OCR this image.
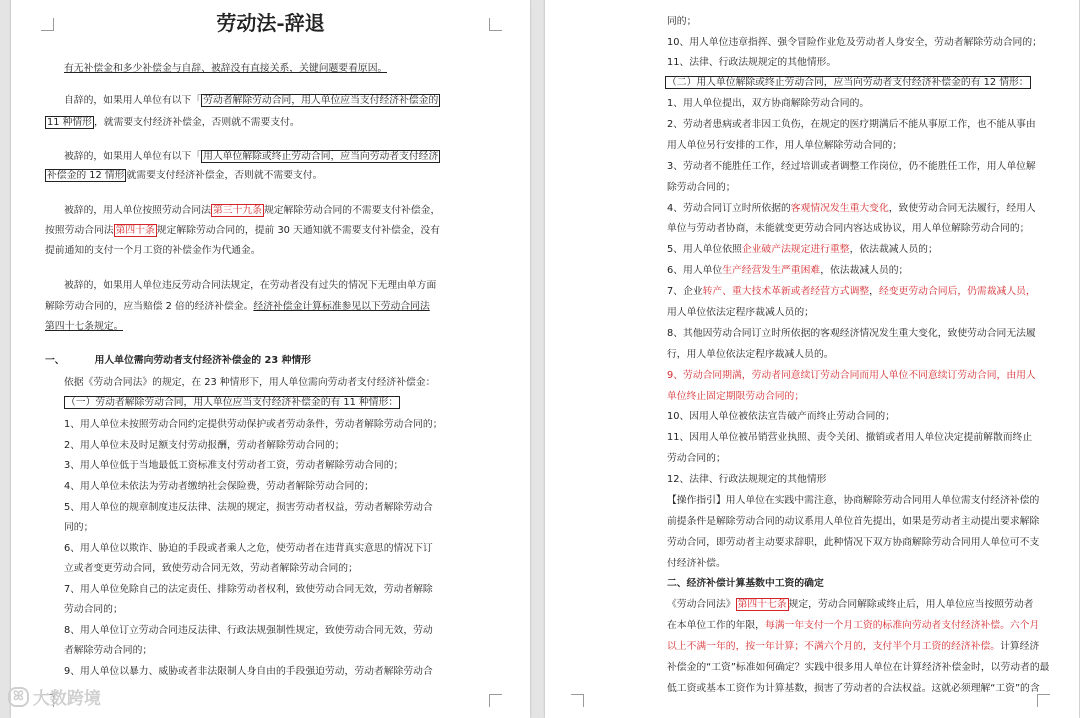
劳动法-辞退
有无补偿金和多少补偿金与自辞、被辞没有直接关系，关键问题要看原因。
自辞的，如果用人单位有以下「 劳动者解除劳动合同，用人单位应当支付经济补偿金的
11 种情形 ，就需要支付经济补偿金，否则就不需要支付。
被辞的，如果用人单位有以下「 用人单位解除或终止劳动合同，应当向劳动者支付经济
补偿金的 12 情形 就需要支付经济补偿金，否则就不需要支付。
被辞的，用人单位按照劳动合同法 第三十九条 规定解除劳动合同的不需要支付补偿金，
按照劳动合同法 第四十条 规定解除劳动合同的，提前 30 天通知就不需要支付补偿金，没有
提前通知的支付一个月工资的补偿金作为代通金。
被辞的，如果用人单位违反劳动合同法规定，在劳动者没有过失的情况下无理由单方面
解除劳动合同的，应当赔偿 2 倍的经济补偿金。经济补偿金计算标准参见以下劳动合同法
第四十七条规定。
一、	用人单位需向劳动者支付经济补偿金的 23 种情形
依据《劳动合同法》的规定，在 23 种情形下，用人单位需向劳动者支付经济补偿金：
（一）劳动者解除劳动合同，用人单位应当支付经济补偿金的有 11 种情形：
1、用人单位未按照劳动合同约定提供劳动保护或者劳动条件，劳动者解除劳动合同的；
2、用人单位未及时足额支付劳动报酬，劳动者解除劳动合同的；
3、用人单位低于当地最低工资标准支付劳动者工资，劳动者解除劳动合同的；
4、用人单位未依法为劳动者缴纳社会保险费，劳动者解除劳动合同的；
5、用人单位的规章制度违反法律、法规的规定，损害劳动者权益，劳动者解除劳动合
同的；
6、用人单位以欺诈、胁迫的手段或者乘人之危，使劳动者在违背真实意思的情况下订
立或者变更劳动合同，致使劳动合同无效，劳动者解除劳动合同的；
7、用人单位免除自己的法定责任、排除劳动者权利，致使劳动合同无效，劳动者解除
劳动合同的；
8、用人单位订立劳动合同违反法律、行政法规强制性规定，致使劳动合同无效，劳动
者解除劳动合同的；
9、用人单位以暴力、威胁或者非法限制人身自由的手段强迫劳动，劳动者解除劳动合
同的；
10、用人单位违章指挥、强令冒险作业危及劳动者人身安全，劳动者解除劳动合同的；
11、法律、行政法规规定的其他情形。
（二）用人单位解除或终止劳动合同，应当向劳动者支付经济补偿金的有 12 情形：
1、用人单位提出，双方协商解除劳动合同的。
2、劳动者患病或者非因工负伤，在规定的医疗期满后不能从事原工作，也不能从事由
用人单位另行安排的工作，用人单位解除劳动合同的；
3、劳动者不能胜任工作，经过培训或者调整工作岗位，仍不能胜任工作，用人单位解
除劳动合同的；
4、劳动合同订立时所依据的客观情况发生重大变化，致使劳动合同无法履行，经用人
单位与劳动者协商，未能就变更劳动合同内容达成协议，用人单位解除劳动合同的；
5、用人单位依照企业破产法规定进行重整，依法裁减人员的；
6、用人单位生产经营发生严重困难，依法裁减人员的；
7、企业转产、重大技术革新或者经营方式调整，经变更劳动合同后，仍需裁减人员，
用人单位依法定程序裁减人员的；
8、其他因劳动合同订立时所依据的客观经济情况发生重大变化，致使劳动合同无法履
行，用人单位依法定程序裁减人员的。
9、劳动合同期满，劳动者同意续订劳动合同而用人单位不同意续订劳动合同，由用人
单位终止固定期限劳动合同的；
10、因用人单位被依法宣告破产而终止劳动合同的；
11、因用人单位被吊销营业执照、责令关闭、撤销或者用人单位决定提前解散而终止
劳动合同的；
12、法律、行政法规规定的其他情形
【操作指引】用人单位在实践中需注意，协商解除劳动合同用人单位需支付经济补偿的
前提条件是解除劳动合同的动议系用人单位首先提出，如果是劳动者主动提出要求解除
劳动合同，即劳动者主动要求辞职，此种情况下双方协商解除劳动合同用人单位可不支
付经济补偿。
二、经济补偿计算基数中工资的确定
《劳动合同法》 第四十七条 规定，劳动合同解除或终止后，用人单位应当按照劳动者
在本单位工作的年限，每满一年支付一个月工资的标准向劳动者支付经济补偿。六个月
以上不满一年的，按一年计算；不满六个月的，支付半个月工资的经济补偿。计算经济
补偿金的“工资”标准如何确定？实践中很多用人单位在计算经济补偿金时，以劳动者的最
低工资或基本工资作为计算基数，损害了劳动者的合法权益。这就必须理解“工资”的含
ꕤ 大数跨境
